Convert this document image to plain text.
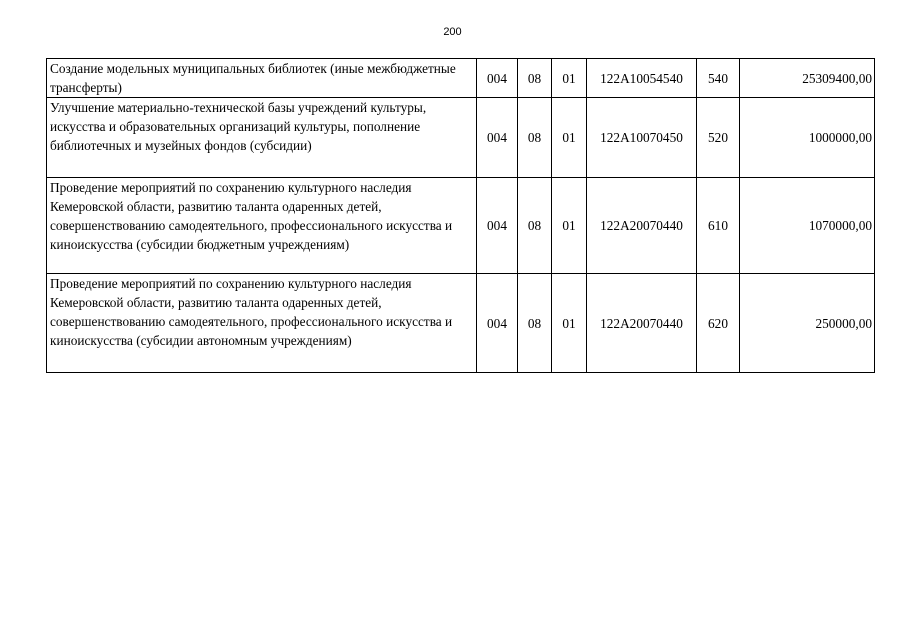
200
Создание модельных муниципальных библиотек (иные межбюджетные трансферты)	004	08	01	122А10054540	540	25309400,00
Улучшение материально-технической базы учреждений культуры, искусства и образовательных организаций культуры, пополнение библиотечных и музейных фондов (субсидии)	004	08	01	122А10070450	520	1000000,00
Проведение мероприятий по сохранению культурного наследия Кемеровской области, развитию таланта одаренных детей, совершенствованию самодеятельного, профессионального искусства и киноискусства (субсидии бюджетным учреждениям)	004	08	01	122А20070440	610	1070000,00
Проведение мероприятий по сохранению культурного наследия Кемеровской области, развитию таланта одаренных детей, совершенствованию самодеятельного, профессионального искусства и киноискусства (субсидии автономным учреждениям)	004	08	01	122А20070440	620	250000,00
